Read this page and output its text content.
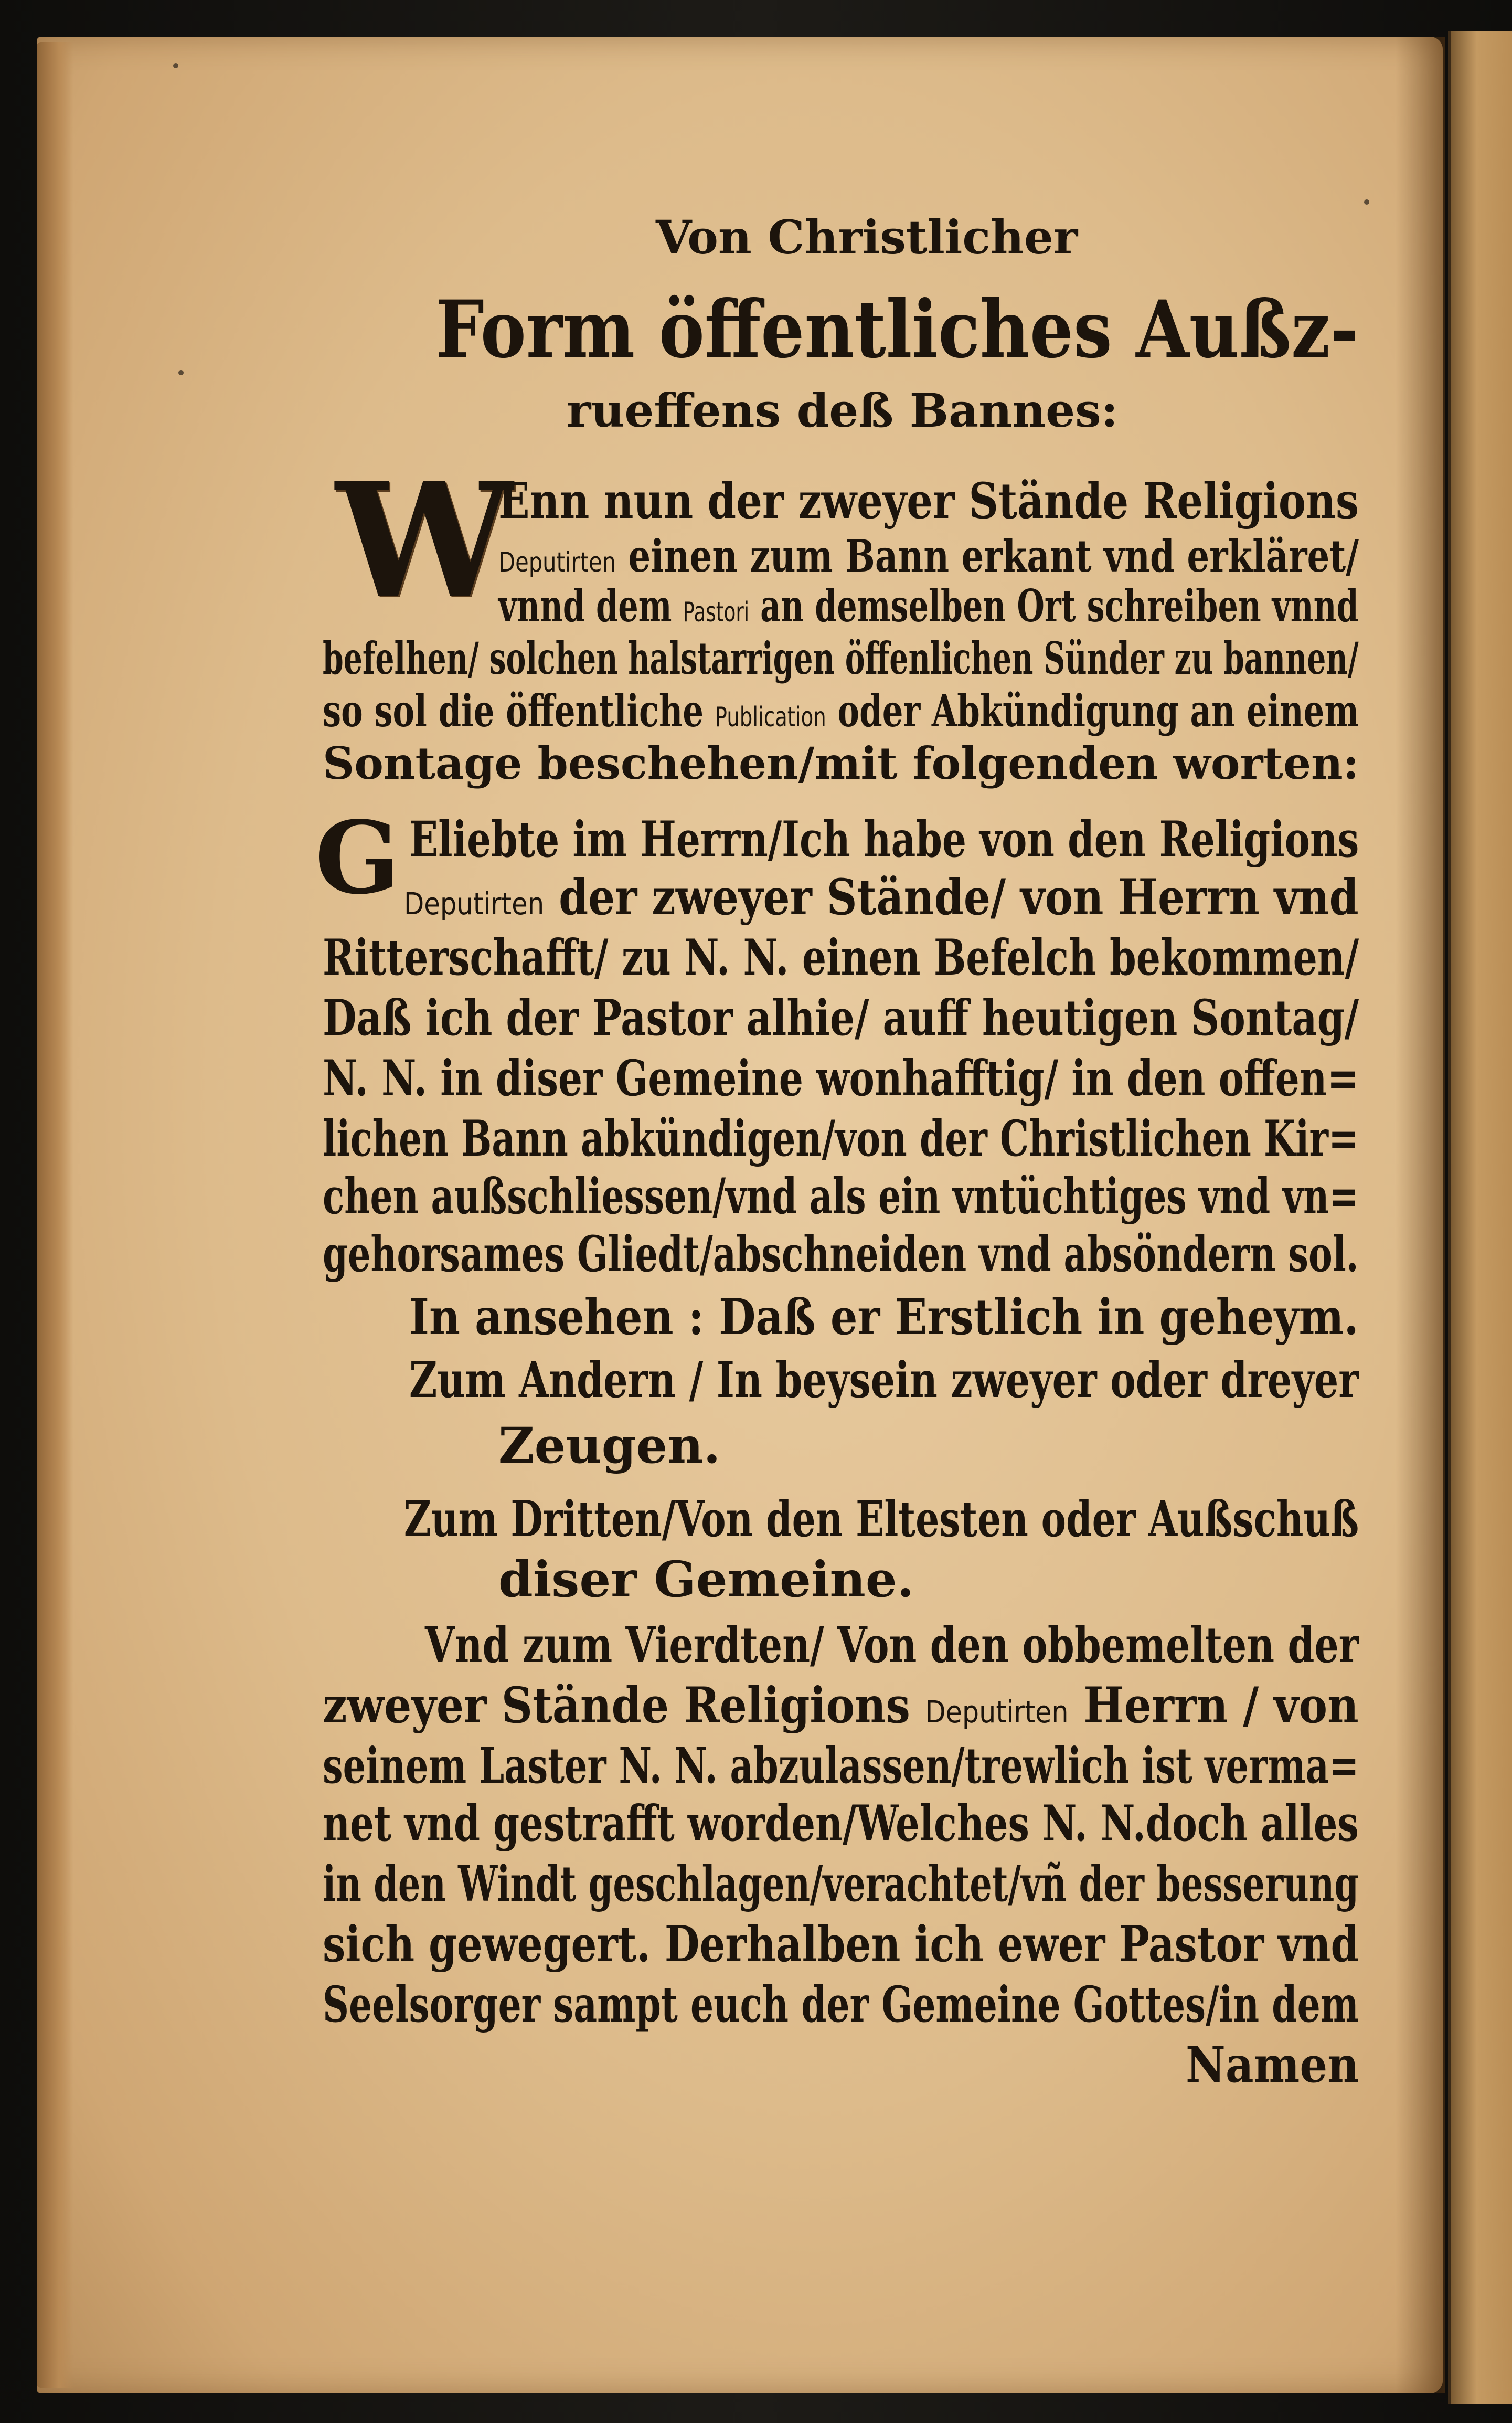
Von Christlicher
Form öffentliches Außz-
rueffens deß Bannes:
W
Enn nun der zweyer Stände Religions
Deputirten einen zum Bann erkant vnd erkläret/
vnnd dem Pastori an demselben Ort schreiben vnnd
befelhen/ solchen halstarrigen öffenlichen Sünder zu bannen/
so sol die öffentliche Publication oder Abkündigung an einem
Sontage beschehen/mit folgenden worten:
G Eliebte im Herrn/Ich habe von den Religions
Deputirten der zweyer Stände/ von Herrn vnd
Ritterschafft/ zu N. N. einen Befelch bekommen/
Daß ich der Pastor alhie/ auff heutigen Sontag/
N. N. in diser Gemeine wonhafftig/ in den offen=
lichen Bann abkündigen/von der Christlichen Kir=
chen außschliessen/vnd als ein vntüchtiges vnd vn=
gehorsames Gliedt/abschneiden vnd absöndern sol.
In ansehen : Daß er Erstlich in geheym.
Zum Andern / In beysein zweyer oder dreyer
Zeugen.
Zum Dritten/Von den Eltesten oder Außschuß
diser Gemeine.
Vnd zum Vierdten/ Von den obbemelten der
zweyer Stände Religions Deputirten Herrn / von
seinem Laster N. N. abzulassen/trewlich ist verma=
net vnd gestrafft worden/Welches N. N.doch alles
in den Windt geschlagen/verachtet/vñ der besserung
sich gewegert. Derhalben ich ewer Pastor vnd
Seelsorger sampt euch der Gemeine Gottes/in dem
Namen
